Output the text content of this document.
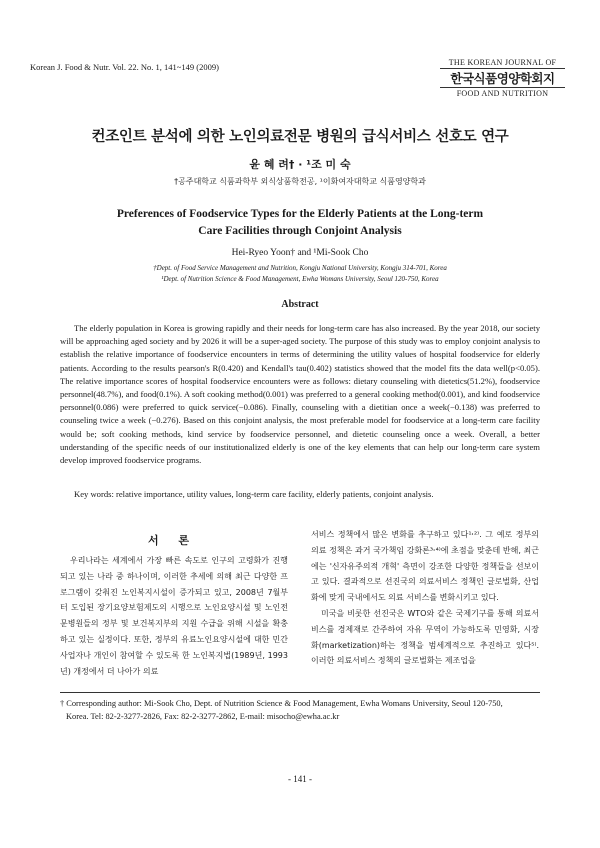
Korean J. Food & Nutr. Vol. 22. No. 1, 141~149 (2009)	THE KOREAN JOURNAL OF
한국식품영양학회지
FOOD AND NUTRITION
컨조인트 분석에 의한 노인의료전문 병원의 급식서비스 선호도 연구
윤 혜 려† · ¹조 미 숙
†공주대학교 식품과학부 외식상품학전공, ¹이화여자대학교 식품영양학과
Preferences of Foodservice Types for the Elderly Patients at the Long-term
Care Facilities through Conjoint Analysis
Hei-Ryeo Yoon† and ¹Mi-Sook Cho
†Dept. of Food Service Management and Nutrition, Kongju National University, Kongju 314-701, Korea
¹Dept. of Nutrition Science & Food Management, Ewha Womans University, Seoul 120-750, Korea
Abstract

The elderly population in Korea is growing rapidly and their needs for long-term care has also increased. By the year 2018, our society will be approaching aged society and by 2026 it will be a super-aged society. The purpose of this study was to employ conjoint analysis to establish the relative importance of foodservice encounters in terms of determining the utility values of hospital foodservice for elderly patients. According to the results pearson's R(0.420) and Kendall's tau(0.402) statistics showed that the model fits the data well(p<0.05). The relative importance scores of hospital foodservice encounters were as follows: dietary counseling with dietetics(51.2%), foodservice personnel(48.7%), and food(0.1%). A soft cooking method(0.001) was preferred to a general cooking method(0.001), and kind foodservice personnel(0.086) were preferred to quick service(−0.086). Finally, counseling with a dietitian once a week(−0.138) was preferred to counseling twice a week (−0.276). Based on this conjoint analysis, the most preferable model for foodservice at a long-term care facility would be; soft cooking methods, kind service by foodservice personnel, and dietetic counseling once a week. Overall, a better understanding of the specific needs of our institutionalized elderly is one of the key elements that can help our long-term care system develop improved foodservice programs.

Key words: relative importance, utility values, long-term care facility, elderly patients, conjoint analysis.
서 론

우리나라는 세계에서 가장 빠른 속도로 인구의 고령화가 진행되고 있는 나라 중 하나이며, 이러한 추세에 의해 최근 다양한 프로그램이 갖춰진 노인복지시설이 증가되고 있고, 2008년 7월부터 도입된 장기요양보험제도의 시행으로 노인요양시설 및 노인전문병원들의 정부 및 보건복지부의 지원 수급을 위해 시설을 확충하고 있는 실정이다. 또한, 정부의 유료노인요양시설에 대한 민간 사업자나 개인이 참여할 수 있도록 한 노인복지법(1989년, 1993년) 개정에서 더 나아가 의료

서비스 정책에서 많은 변화를 추구하고 있다¹˒²⁾. 그 예로 정부의 의료 정책은 과거 국가책임 강화론³˒⁴⁾에 초점을 맞춘데 반해, 최근에는 '신자유주의적 개혁' 측면이 강조한 다양한 정책들을 선보이고 있다. 결과적으로 선진국의 의료서비스 정책인 글로벌화, 산업화에 맞게 국내에서도 의료 서비스를 변화시키고 있다.

미국을 비롯한 선진국은 WTO와 같은 국제기구를 통해 의료서비스를 경제재로 간주하여 자유 무역이 가능하도록 민영화, 시장화(marketization)하는 정책을 범세계적으로 추진하고 있다⁵⁾. 이러한 의료서비스 정책의 글로벌화는 제조업을

† Corresponding author: Mi-Sook Cho, Dept. of Nutrition Science & Food Management, Ewha Womans University, Seoul 120-750,
Korea. Tel: 82-2-3277-2826, Fax: 82-2-3277-2862, E-mail: misocho@ewha.ac.kr
- 141 -
